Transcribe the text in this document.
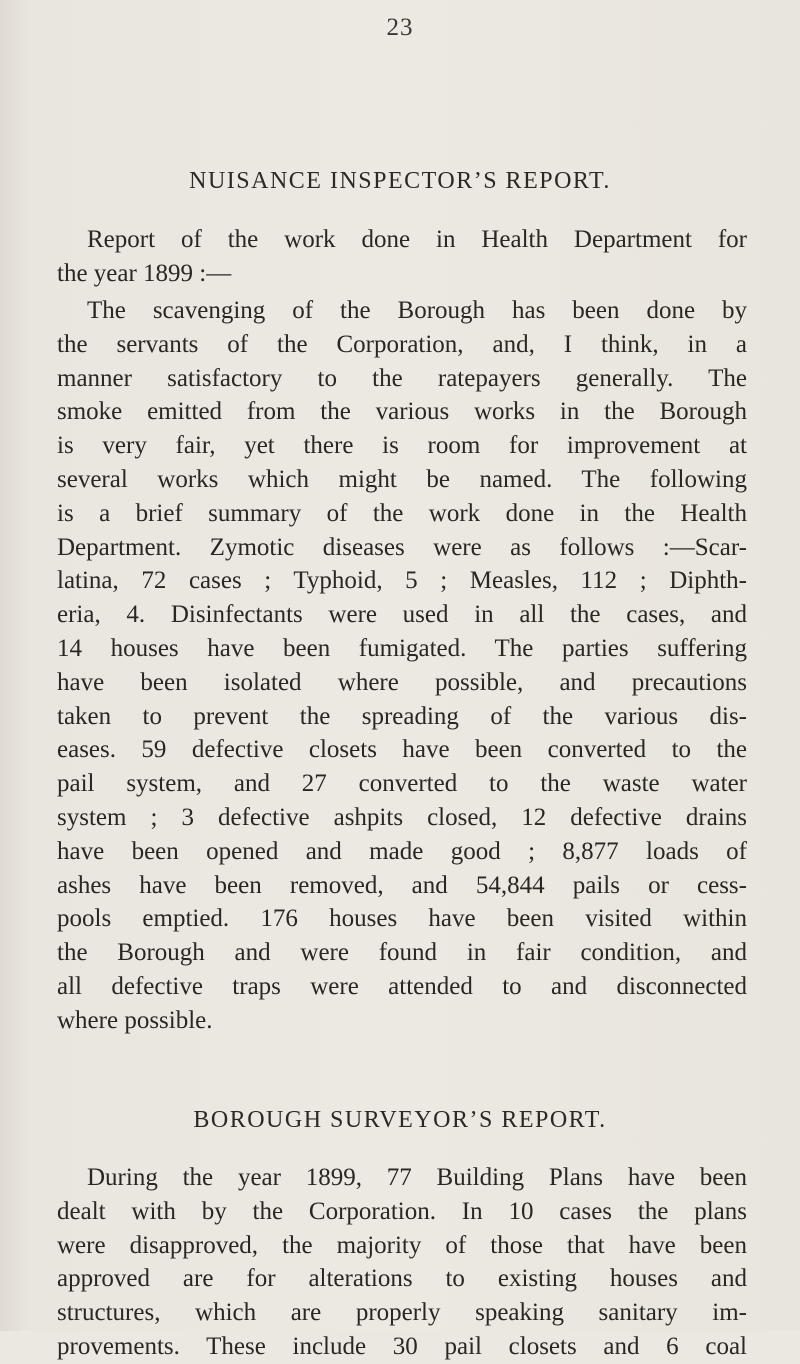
23
NUISANCE INSPECTOR’S REPORT.

Report of the work done in Health Department for
the year 1899 :—

The scavenging of the Borough has been done by
the servants of the Corporation, and, I think, in a
manner satisfactory to the ratepayers generally. The
smoke emitted from the various works in the Borough
is very fair, yet there is room for improvement at
several works which might be named. The following
is a brief summary of the work done in the Health
Department. Zymotic diseases were as follows :—Scar-
latina, 72 cases ; Typhoid, 5 ; Measles, 112 ; Diphth-
eria, 4. Disinfectants were used in all the cases, and
14 houses have been fumigated. The parties suffering
have been isolated where possible, and precautions
taken to prevent the spreading of the various dis-
eases. 59 defective closets have been converted to the
pail system, and 27 converted to the waste water
system ; 3 defective ashpits closed, 12 defective drains
have been opened and made good ; 8,877 loads of
ashes have been removed, and 54,844 pails or cess-
pools emptied. 176 houses have been visited within
the Borough and were found in fair condition, and
all defective traps were attended to and disconnected
where possible.

BOROUGH SURVEYOR’S REPORT.

During the year 1899, 77 Building Plans have been
dealt with by the Corporation. In 10 cases the plans
were disapproved, the majority of those that have been
approved are for alterations to existing houses and
structures, which are properly speaking sanitary im-
provements. These include 30 pail closets and 6 coal
